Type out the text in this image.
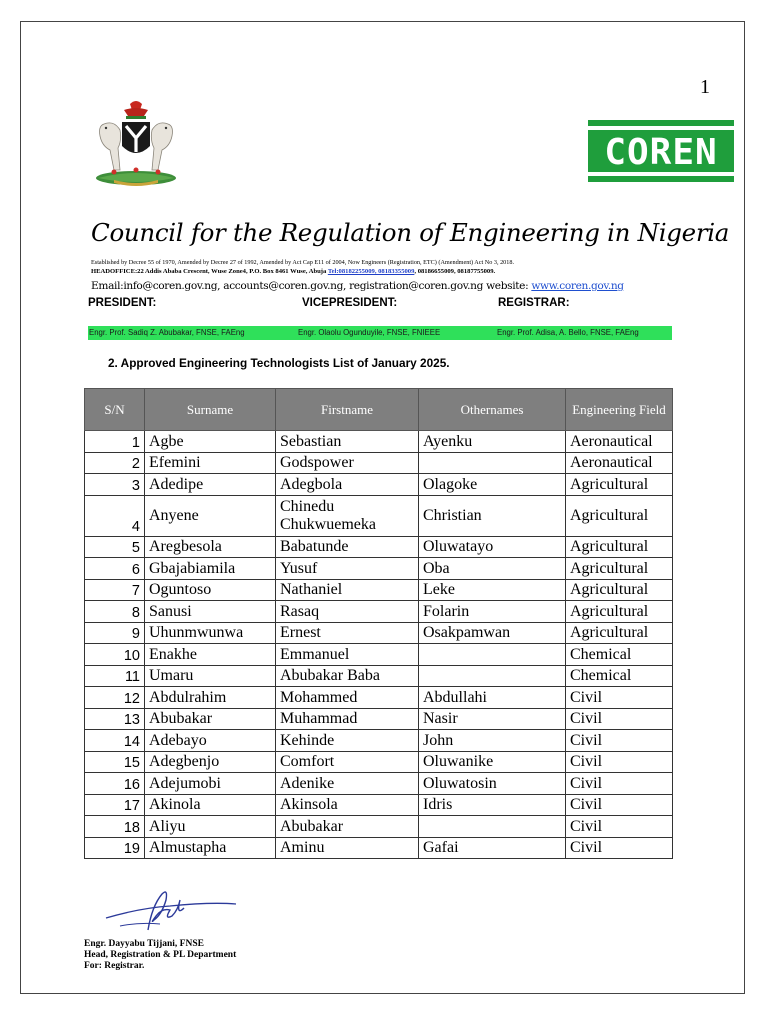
1
COREN
Council for the Regulation of Engineering in Nigeria
Established by Decree 55 of 1970, Amended by Decree 27 of 1992, Amended by Act Cap E11 of 2004, Now Engineers (Registration, ETC) (Amendment) Act No 3, 2018.
HEADOFFICE:22 Addis Ababa Crescent, Wuse Zone4, P.O. Box 8461 Wuse, Abuja Tel:08182255009, 08183355009, 08186655009, 08187755009.
Email:info@coren.gov.ng, accounts@coren.gov.ng, registration@coren.gov.ng website: www.coren.gov.ng
PRESIDENT:	VICEPRESIDENT:	REGISTRAR:
Engr. Prof. Sadiq Z. Abubakar, FNSE, FAEng	Engr. Olaolu Ogunduyile, FNSE, FNIEEE	Engr. Prof. Adisa, A. Bello, FNSE, FAEng
2. Approved Engineering Technologists List of January 2025.
S/N	Surname	Firstname	Othernames	Engineering Field
1	Agbe	Sebastian	Ayenku	Aeronautical
2	Efemini	Godspower		Aeronautical
3	Adedipe	Adegbola	Olagoke	Agricultural
4	Anyene	Chinedu Chukwuemeka	Christian	Agricultural
5	Aregbesola	Babatunde	Oluwatayo	Agricultural
6	Gbajabiamila	Yusuf	Oba	Agricultural
7	Oguntoso	Nathaniel	Leke	Agricultural
8	Sanusi	Rasaq	Folarin	Agricultural
9	Uhunmwunwa	Ernest	Osakpamwan	Agricultural
10	Enakhe	Emmanuel		Chemical
11	Umaru	Abubakar Baba		Chemical
12	Abdulrahim	Mohammed	Abdullahi	Civil
13	Abubakar	Muhammad	Nasir	Civil
14	Adebayo	Kehinde	John	Civil
15	Adegbenjo	Comfort	Oluwanike	Civil
16	Adejumobi	Adenike	Oluwatosin	Civil
17	Akinola	Akinsola	Idris	Civil
18	Aliyu	Abubakar		Civil
19	Almustapha	Aminu	Gafai	Civil
Engr. Dayyabu Tijjani, FNSE
Head, Registration & PL Department
For: Registrar.
